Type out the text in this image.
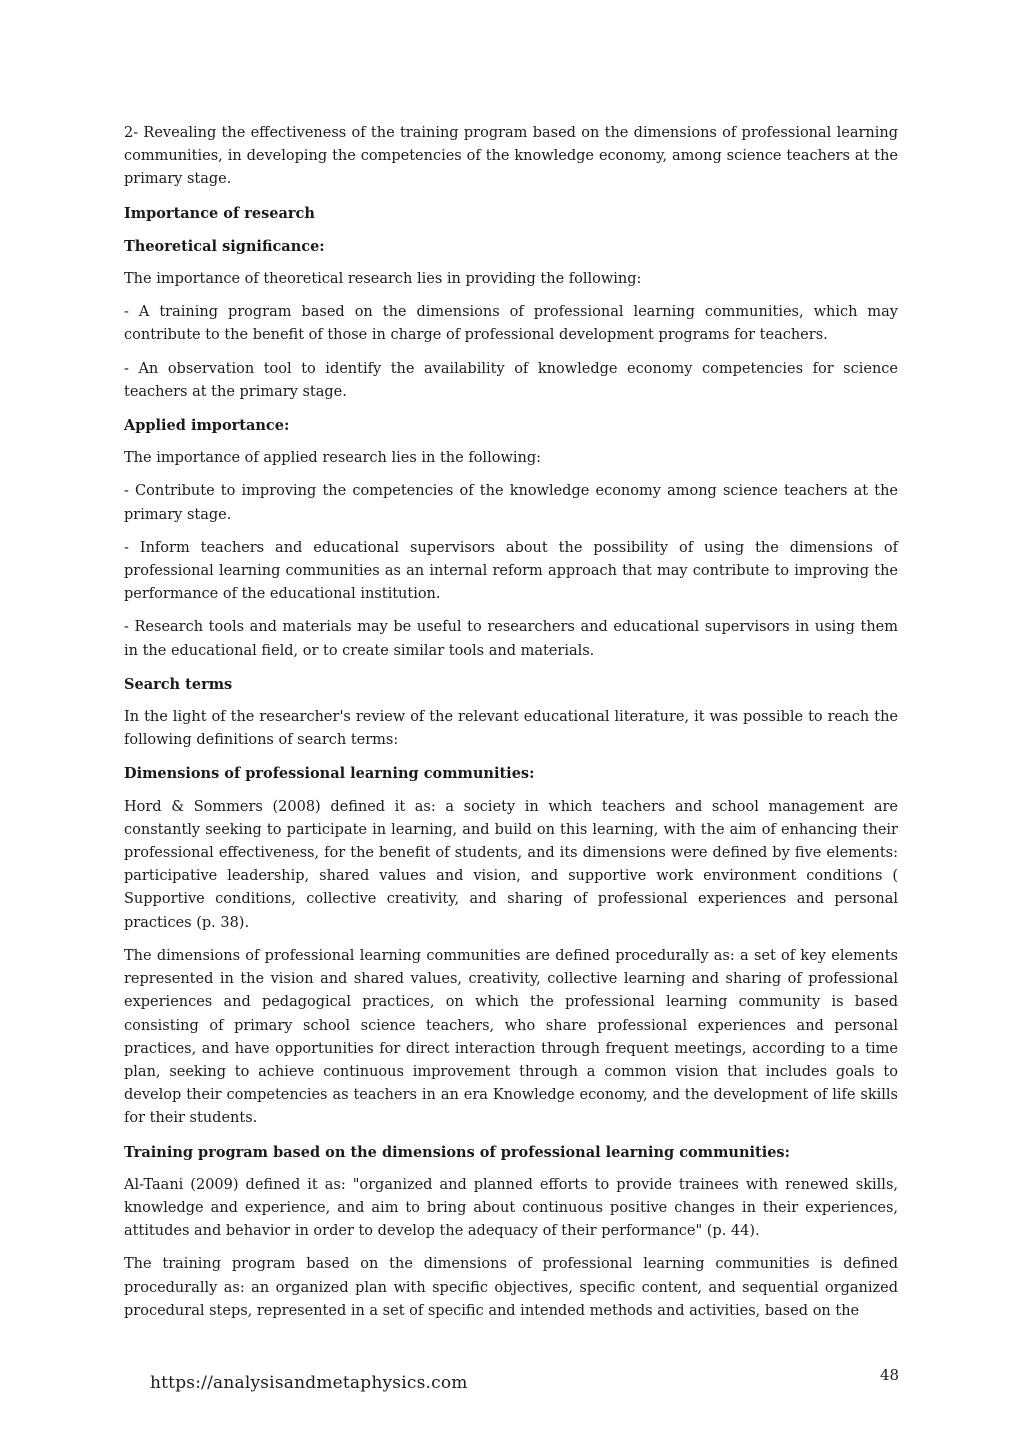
2- Revealing the effectiveness of the training program based on the dimensions of professional learning communities, in developing the competencies of the knowledge economy, among science teachers at the primary stage.

Importance of research

Theoretical significance:

The importance of theoretical research lies in providing the following:

- A training program based on the dimensions of professional learning communities, which may contribute to the benefit of those in charge of professional development programs for teachers.

- An observation tool to identify the availability of knowledge economy competencies for science teachers at the primary stage.

Applied importance:

The importance of applied research lies in the following:

- Contribute to improving the competencies of the knowledge economy among science teachers at the primary stage.

- Inform teachers and educational supervisors about the possibility of using the dimensions of professional learning communities as an internal reform approach that may contribute to improving the performance of the educational institution.

- Research tools and materials may be useful to researchers and educational supervisors in using them in the educational field, or to create similar tools and materials.

Search terms

In the light of the researcher's review of the relevant educational literature, it was possible to reach the following definitions of search terms:

Dimensions of professional learning communities:

Hord & Sommers (2008) defined it as: a society in which teachers and school management are constantly seeking to participate in learning, and build on this learning, with the aim of enhancing their professional effectiveness, for the benefit of students, and its dimensions were defined by five elements: participative leadership, shared values and vision, and supportive work environment conditions ( Supportive conditions, collective creativity, and sharing of professional experiences and personal practices (p. 38).

The dimensions of professional learning communities are defined procedurally as: a set of key elements represented in the vision and shared values, creativity, collective learning and sharing of professional experiences and pedagogical practices, on which the professional learning community is based consisting of primary school science teachers, who share professional experiences and personal practices, and have opportunities for direct interaction through frequent meetings, according to a time plan, seeking to achieve continuous improvement through a common vision that includes goals to develop their competencies as teachers in an era Knowledge economy, and the development of life skills for their students.

Training program based on the dimensions of professional learning communities:

Al-Taani (2009) defined it as: "organized and planned efforts to provide trainees with renewed skills, knowledge and experience, and aim to bring about continuous positive changes in their experiences, attitudes and behavior in order to develop the adequacy of their performance" (p. 44).

The training program based on the dimensions of professional learning communities is defined procedurally as: an organized plan with specific objectives, specific content, and sequential organized procedural steps, represented in a set of specific and intended methods and activities, based on the

https://analysisandmetaphysics.com	48
